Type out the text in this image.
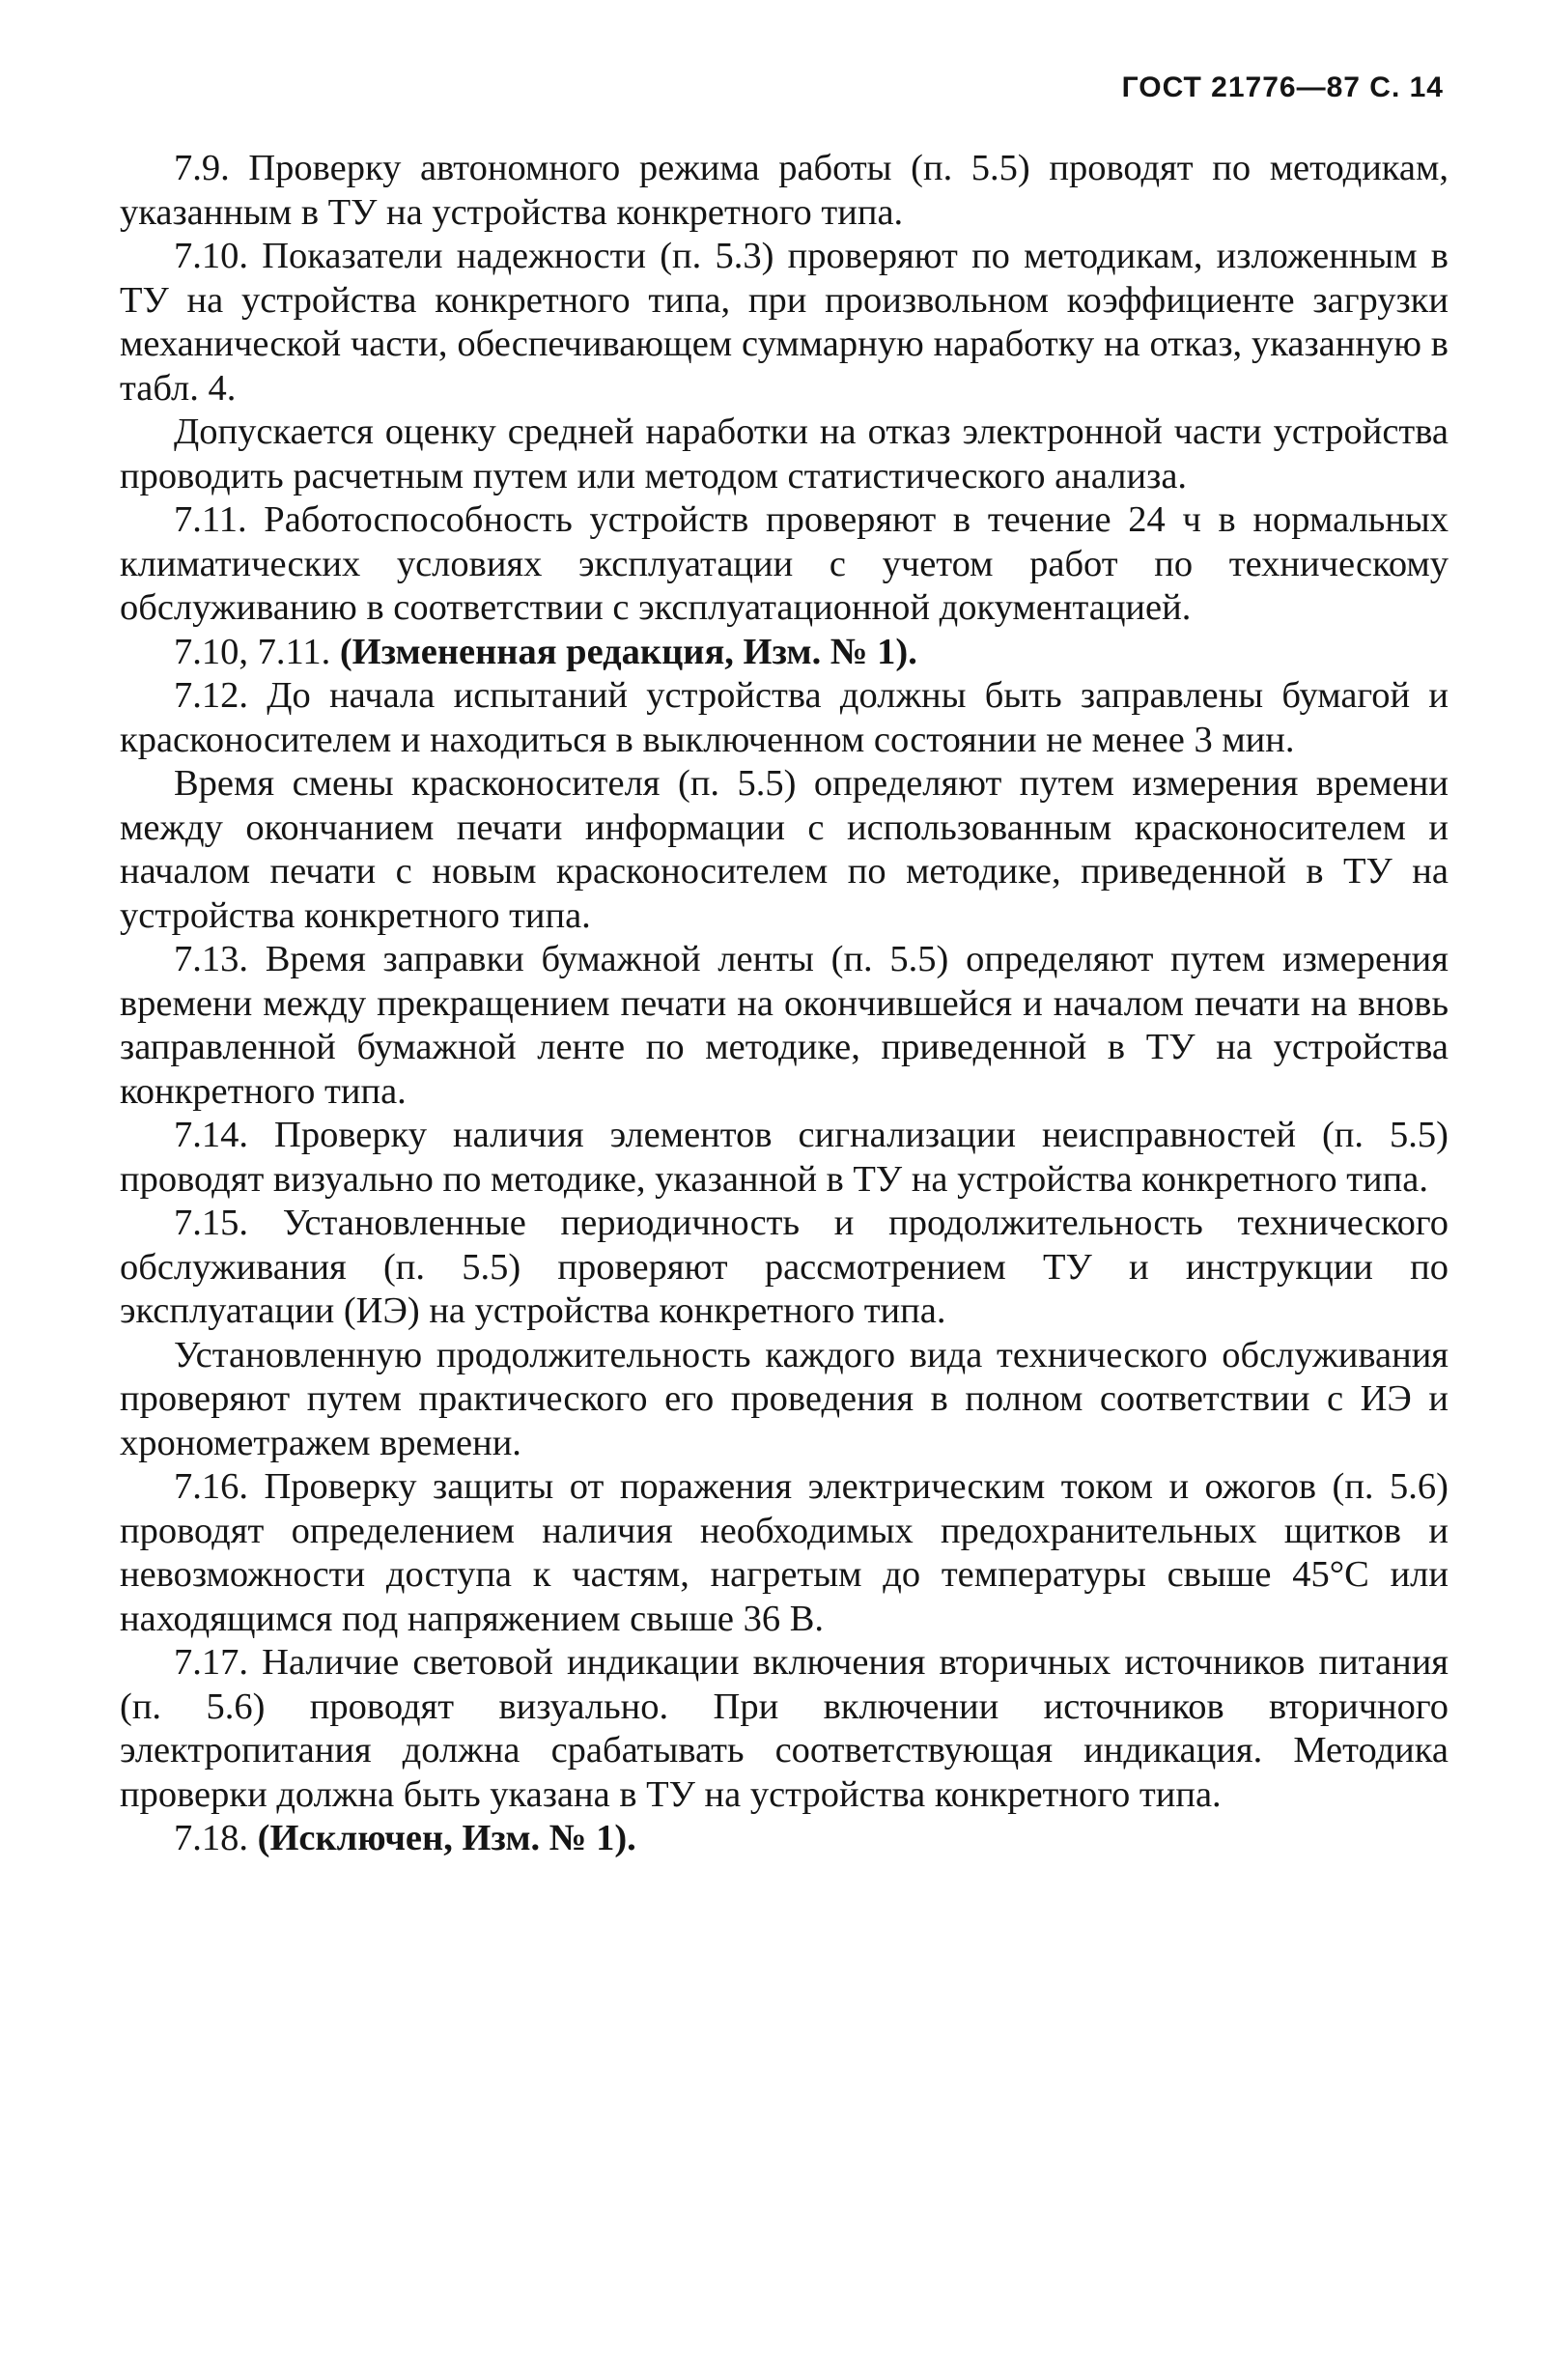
ГОСТ 21776—87 С. 14

7.9. Проверку автономного режима работы (п. 5.5) проводят по методикам, указанным в ТУ на устройства конкретного типа.

7.10. Показатели надежности (п. 5.3) проверяют по методикам, изложенным в ТУ на устройства конкретного типа, при произвольном коэффициенте загрузки механической части, обеспечивающем суммарную наработку на отказ, указанную в табл. 4.

Допускается оценку средней наработки на отказ электронной части устройства проводить расчетным путем или методом статистического анализа.

7.11. Работоспособность устройств проверяют в течение 24 ч в нормальных климатических условиях эксплуатации с учетом работ по техническому обслуживанию в соответствии с эксплуатационной документацией.

7.10, 7.11. (Измененная редакция, Изм. № 1).

7.12. До начала испытаний устройства должны быть заправлены бумагой и красконосителем и находиться в выключенном состоянии не менее 3 мин.

Время смены красконосителя (п. 5.5) определяют путем измерения времени между окончанием печати информации с использованным красконосителем и началом печати с новым красконосителем по методике, приведенной в ТУ на устройства конкретного типа.

7.13. Время заправки бумажной ленты (п. 5.5) определяют путем измерения времени между прекращением печати на окончившейся и началом печати на вновь заправленной бумажной ленте по методике, приведенной в ТУ на устройства конкретного типа.

7.14. Проверку наличия элементов сигнализации неисправностей (п. 5.5) проводят визуально по методике, указанной в ТУ на устройства конкретного типа.

7.15. Установленные периодичность и продолжительность технического обслуживания (п. 5.5) проверяют рассмотрением ТУ и инструкции по эксплуатации (ИЭ) на устройства конкретного типа.

Установленную продолжительность каждого вида технического обслуживания проверяют путем практического его проведения в полном соответствии с ИЭ и хронометражем времени.

7.16. Проверку защиты от поражения электрическим током и ожогов (п. 5.6) проводят определением наличия необходимых предохранительных щитков и невозможности доступа к частям, нагретым до температуры свыше 45°С или находящимся под напряжением свыше 36 В.

7.17. Наличие световой индикации включения вторичных источников питания (п. 5.6) проводят визуально. При включении источников вторичного электропитания должна срабатывать соответствующая индикация. Методика проверки должна быть указана в ТУ на устройства конкретного типа.

7.18. (Исключен, Изм. № 1).
